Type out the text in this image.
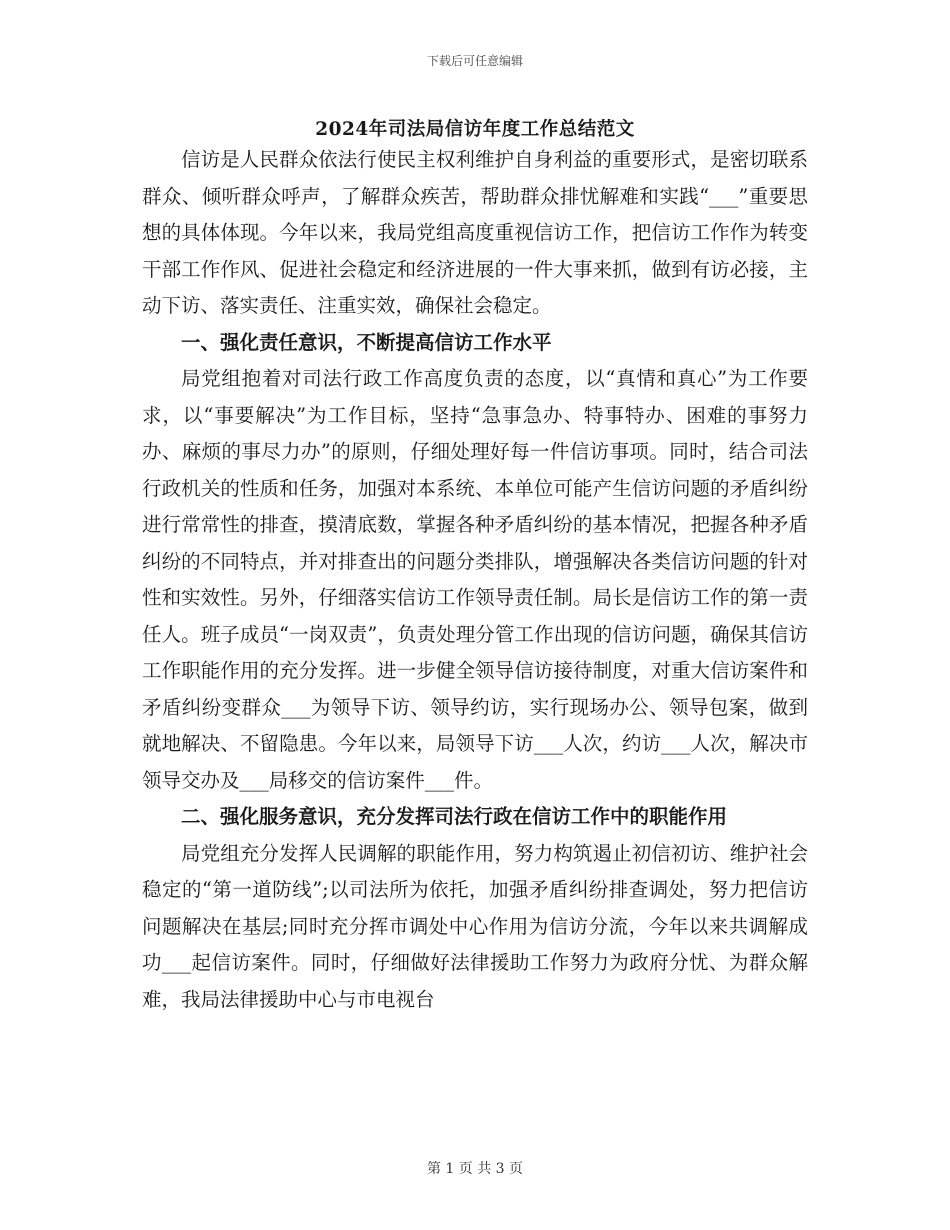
下载后可任意编辑
2024年司法局信访年度工作总结范文

信访是人民群众依法行使民主权利维护自身利益的重要形式，是密切联系群众、倾听群众呼声，了解群众疾苦，帮助群众排忧解难和实践“___”重要思想的具体体现。今年以来，我局党组高度重视信访工作，把信访工作作为转变干部工作作风、促进社会稳定和经济进展的一件大事来抓，做到有访必接，主动下访、落实责任、注重实效，确保社会稳定。

一、强化责任意识，不断提高信访工作水平

局党组抱着对司法行政工作高度负责的态度，以“真情和真心”为工作要求，以“事要解决”为工作目标，坚持“急事急办、特事特办、困难的事努力办、麻烦的事尽力办”的原则，仔细处理好每一件信访事项。同时，结合司法行政机关的性质和任务，加强对本系统、本单位可能产生信访问题的矛盾纠纷进行常常性的排查，摸清底数，掌握各种矛盾纠纷的基本情况，把握各种矛盾纠纷的不同特点，并对排查出的问题分类排队，增强解决各类信访问题的针对性和实效性。另外，仔细落实信访工作领导责任制。局长是信访工作的第一责任人。班子成员“一岗双责”，负责处理分管工作出现的信访问题，确保其信访工作职能作用的充分发挥。进一步健全领导信访接待制度，对重大信访案件和矛盾纠纷变群众___为领导下访、领导约访，实行现场办公、领导包案，做到就地解决、不留隐患。今年以来，局领导下访___人次，约访___人次，解决市领导交办及___局移交的信访案件___件。

二、强化服务意识，充分发挥司法行政在信访工作中的职能作用

局党组充分发挥人民调解的职能作用，努力构筑遏止初信初访、维护社会稳定的“第一道防线”;以司法所为依托，加强矛盾纠纷排查调处，努力把信访问题解决在基层;同时充分挥市调处中心作用为信访分流，今年以来共调解成功___起信访案件。同时，仔细做好法律援助工作努力为政府分忧、为群众解难，我局法律援助中心与市电视台

第 1 页 共 3 页
